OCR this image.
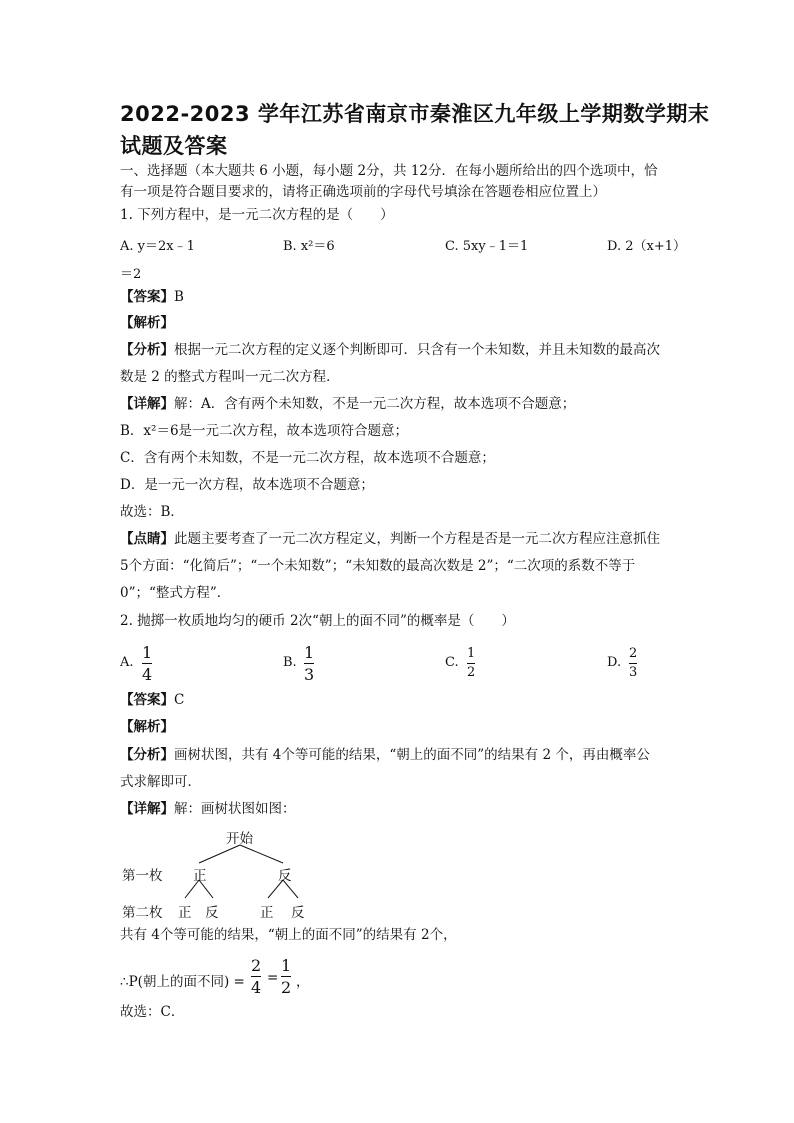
2022-2023 学年江苏省南京市秦淮区九年级上学期数学期末
试题及答案
一、选择题（本大题共 6 小题，每小题 2分，共 12分．在每小题所给出的四个选项中，恰
有一项是符合题目要求的，请将正确选项前的字母代号填涂在答题卷相应位置上）
1. 下列方程中，是一元二次方程的是（　　）
A. y＝2x﹣1	B. x²＝6	C. 5xy﹣1＝1	D. 2（x+1）
＝2
【答案】B
【解析】
【分析】根据一元二次方程的定义逐个判断即可．只含有一个未知数，并且未知数的最高次
数是 2 的整式方程叫一元二次方程．
【详解】解：A．含有两个未知数，不是一元二次方程，故本选项不合题意；
B．x²＝6是一元二次方程，故本选项符合题意；
C．含有两个未知数，不是一元二次方程，故本选项不合题意；
D．是一元一次方程，故本选项不合题意；
故选：B．
【点睛】此题主要考查了一元二次方程定义，判断一个方程是否是一元二次方程应注意抓住
5个方面：“化简后”；“一个未知数”；“未知数的最高次数是 2”；“二次项的系数不等于
0”；“整式方程”．
2. 抛掷一枚质地均匀的硬币 2次“朝上的面不同”的概率是（　　）
A.
1
4
B.
1
3
C.
1
2
D.
2
3
【答案】C
【解析】
【分析】画树状图，共有 4个等可能的结果，“朝上的面不同”的结果有 2 个，再由概率公
式求解即可．
【详解】解：画树状图如图：
开始
第一枚 正	反
第二枚 正 反	正 反
共有 4个等可能的结果，“朝上的面不同”的结果有 2个，
∴P(朝上的面不同) =
2
4 =
1
2 ，
故选：C．
